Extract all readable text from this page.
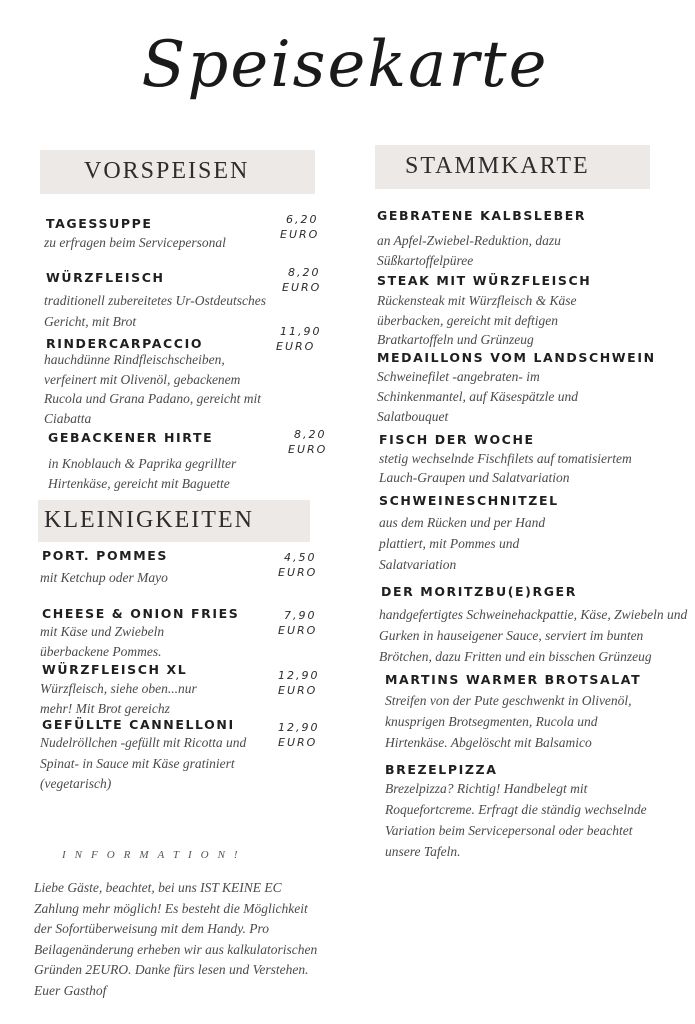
Speisekarte
VORSPEISEN	STAMMKARTE
KLEINIGKEITEN
TAGESSUPPE
zu erfragen beim Servicepersonal
6,20
EURO
WÜRZFLEISCH
traditionell zubereitetes Ur-Ostdeutsches Gericht, mit Brot
8,20
EURO
RINDERCARPACCIO
hauchdünne Rindfleischscheiben, verfeinert mit Olivenöl, gebackenem Rucola und Grana Padano, gereicht mit Ciabatta
11,90
EURO
GEBACKENER HIRTE
in Knoblauch & Paprika gegrillter Hirtenkäse, gereicht mit Baguette
8,20
EURO
PORT. POMMES
mit Ketchup oder Mayo
4,50
EURO
CHEESE & ONION FRIES
mit Käse und Zwiebeln überbackene Pommes.
7,90
EURO
WÜRZFLEISCH XL
Würzfleisch, siehe oben...nur mehr! Mit Brot gereichz
12,90
EURO
GEFÜLLTE CANNELLONI
Nudelröllchen -gefüllt mit Ricotta und Spinat- in Sauce mit Käse gratiniert (vegetarisch)
12,90
EURO
GEBRATENE KALBSLEBER
an Apfel-Zwiebel-Reduktion, dazu Süßkartoffelpüree
STEAK MIT WÜRZFLEISCH
Rückensteak mit Würzfleisch & Käse überbacken, gereicht mit deftigen Bratkartoffeln und Grünzeug
MEDAILLONS VOM LANDSCHWEIN
Schweinefilet -angebraten- im Schinkenmantel, auf Käsespätzle und Salatbouquet
FISCH DER WOCHE
stetig wechselnde Fischfilets auf tomatisiertem Lauch-Graupen und Salatvariation
SCHWEINESCHNITZEL
aus dem Rücken und per Hand plattiert, mit Pommes und Salatvariation
DER MORITZBU(E)RGER
handgefertigtes Schweinehackpattie, Käse, Zwiebeln und Gurken in hauseigener Sauce, serviert im bunten Brötchen, dazu Fritten und ein bisschen Grünzeug
MARTINS WARMER BROTSALAT
Streifen von der Pute geschwenkt in Olivenöl, knusprigen Brotsegmenten, Rucola und Hirtenkäse. Abgelöscht mit Balsamico
BREZELPIZZA
Brezelpizza? Richtig! Handbelegt mit Roquefortcreme. Erfragt die ständig wechselnde Variation beim Servicepersonal oder beachtet unsere Tafeln.
INFORMATION!
Liebe Gäste, beachtet, bei uns IST KEINE EC Zahlung mehr möglich! Es besteht die Möglichkeit der Sofortüberweisung mit dem Handy. Pro Beilagenänderung erheben wir aus kalkulatorischen Gründen 2EURO. Danke fürs lesen und Verstehen. Euer Gasthof
